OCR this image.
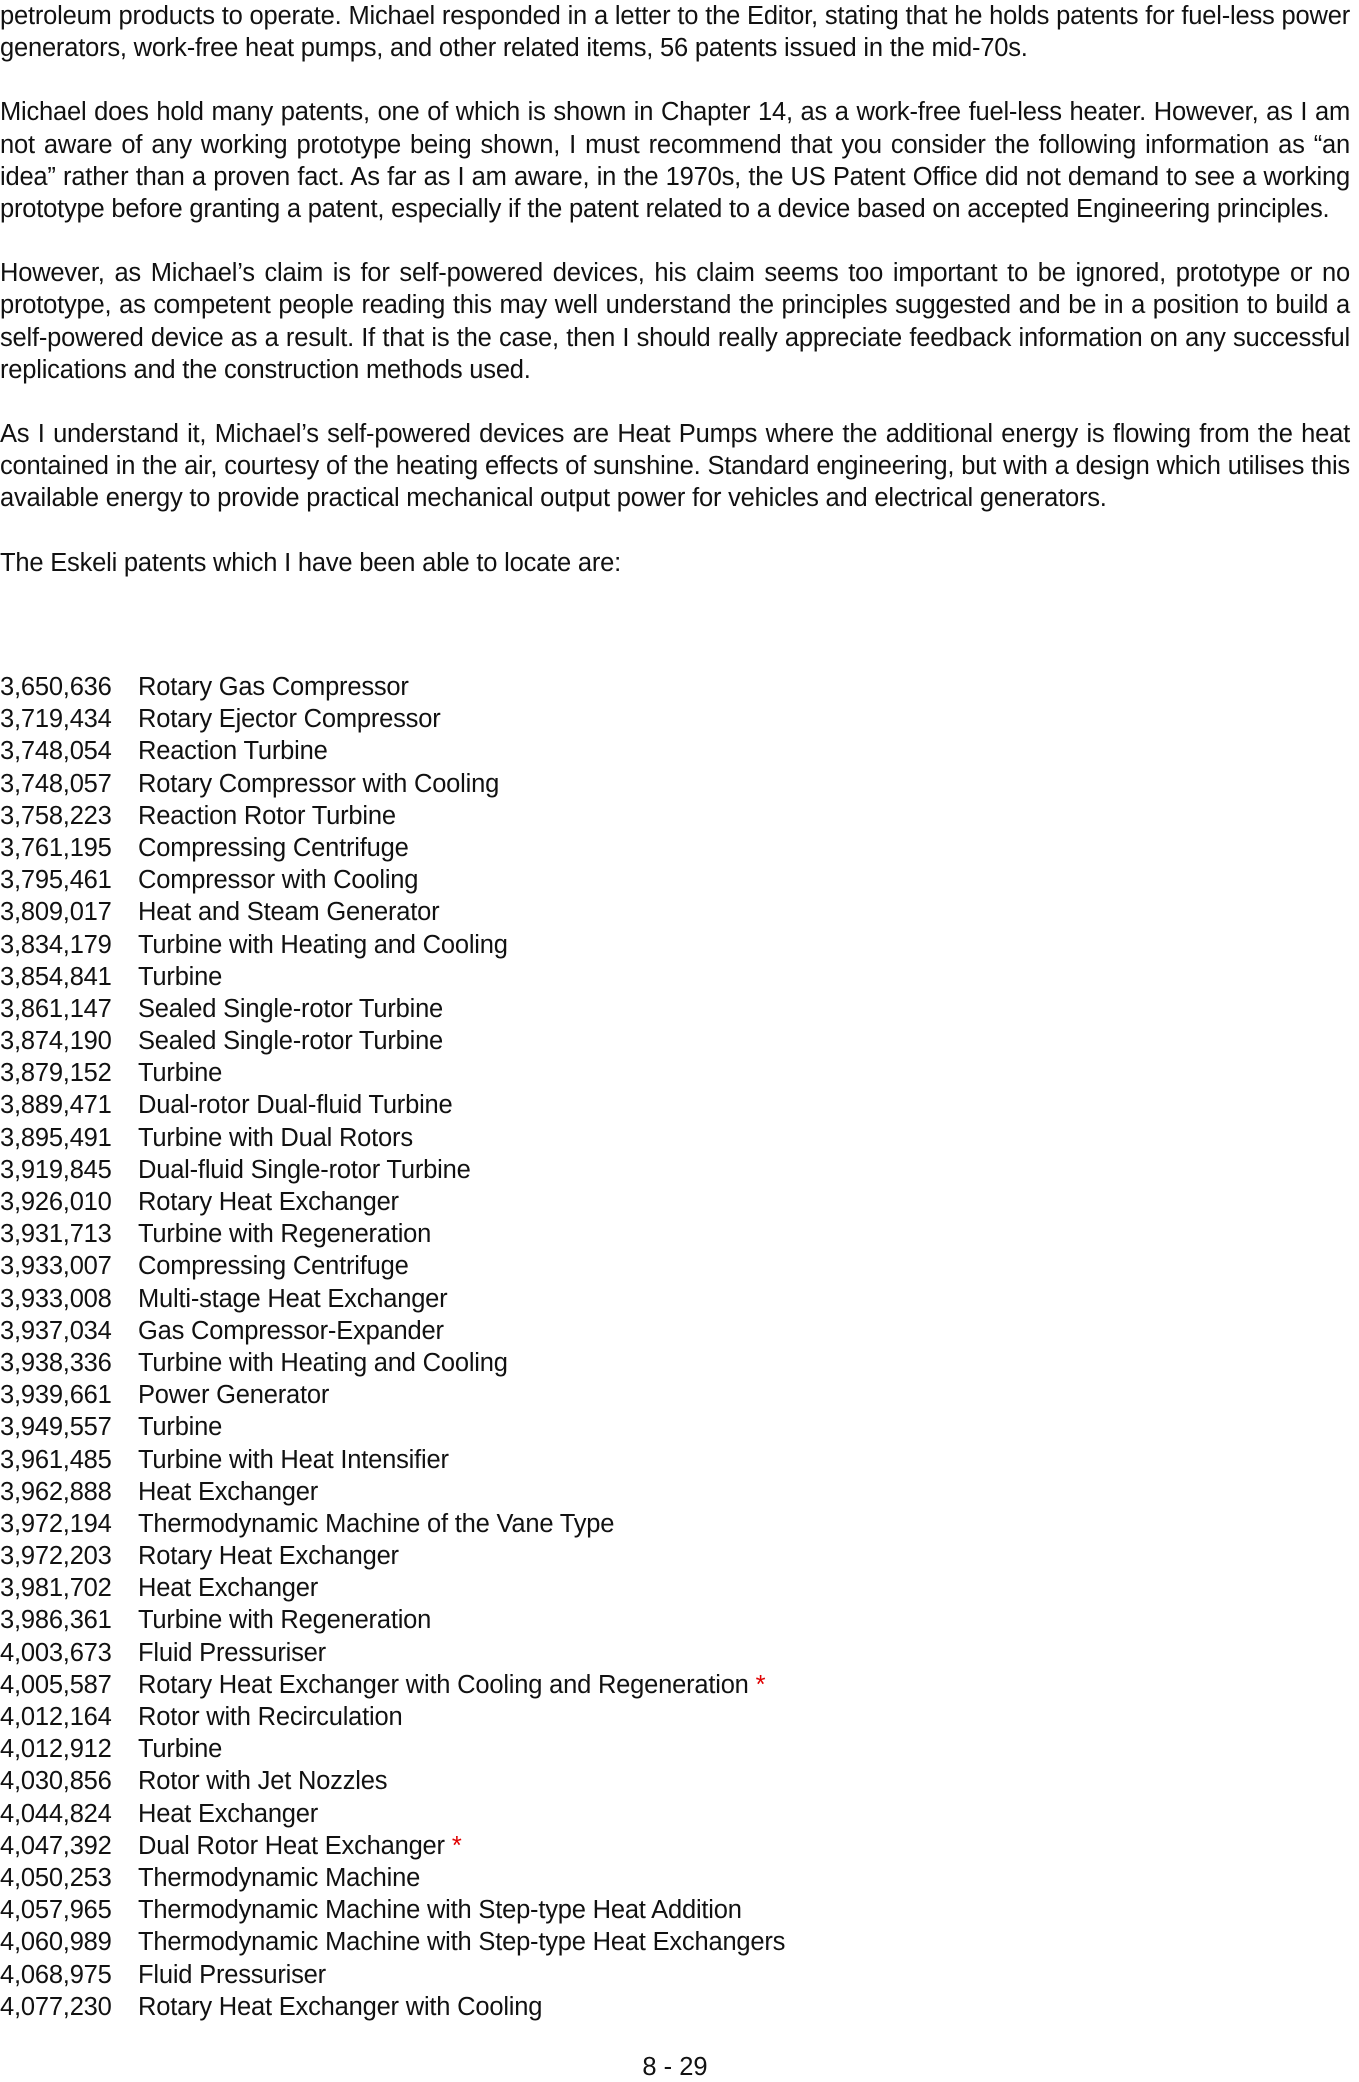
petroleum products to operate. Michael responded in a letter to the Editor, stating that he holds patents for fuel-less power generators, work-free heat pumps, and other related items, 56 patents issued in the mid-70s.

Michael does hold many patents, one of which is shown in Chapter 14, as a work-free fuel-less heater. However, as I am not aware of any working prototype being shown, I must recommend that you consider the following information as “an idea” rather than a proven fact. As far as I am aware, in the 1970s, the US Patent Office did not demand to see a working prototype before granting a patent, especially if the patent related to a device based on accepted Engineering principles.

However, as Michael’s claim is for self-powered devices, his claim seems too important to be ignored, prototype or no prototype, as competent people reading this may well understand the principles suggested and be in a position to build a self-powered device as a result. If that is the case, then I should really appreciate feedback information on any successful replications and the construction methods used.

As I understand it, Michael’s self-powered devices are Heat Pumps where the additional energy is flowing from the heat contained in the air, courtesy of the heating effects of sunshine. Standard engineering, but with a design which utilises this available energy to provide practical mechanical output power for vehicles and electrical generators.

The Eskeli patents which I have been able to locate are:

3,650,636 Rotary Gas Compressor
3,719,434 Rotary Ejector Compressor
3,748,054 Reaction Turbine
3,748,057 Rotary Compressor with Cooling
3,758,223 Reaction Rotor Turbine
3,761,195 Compressing Centrifuge
3,795,461 Compressor with Cooling
3,809,017 Heat and Steam Generator
3,834,179 Turbine with Heating and Cooling
3,854,841 Turbine
3,861,147 Sealed Single-rotor Turbine
3,874,190 Sealed Single-rotor Turbine
3,879,152 Turbine
3,889,471 Dual-rotor Dual-fluid Turbine
3,895,491 Turbine with Dual Rotors
3,919,845 Dual-fluid Single-rotor Turbine
3,926,010 Rotary Heat Exchanger
3,931,713 Turbine with Regeneration
3,933,007 Compressing Centrifuge
3,933,008 Multi-stage Heat Exchanger
3,937,034 Gas Compressor-Expander
3,938,336 Turbine with Heating and Cooling
3,939,661 Power Generator
3,949,557 Turbine
3,961,485 Turbine with Heat Intensifier
3,962,888 Heat Exchanger
3,972,194 Thermodynamic Machine of the Vane Type
3,972,203 Rotary Heat Exchanger
3,981,702 Heat Exchanger
3,986,361 Turbine with Regeneration
4,003,673 Fluid Pressuriser
4,005,587 Rotary Heat Exchanger with Cooling and Regeneration *
4,012,164 Rotor with Recirculation
4,012,912 Turbine
4,030,856 Rotor with Jet Nozzles
4,044,824 Heat Exchanger
4,047,392 Dual Rotor Heat Exchanger *
4,050,253 Thermodynamic Machine
4,057,965 Thermodynamic Machine with Step-type Heat Addition
4,060,989 Thermodynamic Machine with Step-type Heat Exchangers
4,068,975 Fluid Pressuriser
4,077,230 Rotary Heat Exchanger with Cooling
8 - 29
